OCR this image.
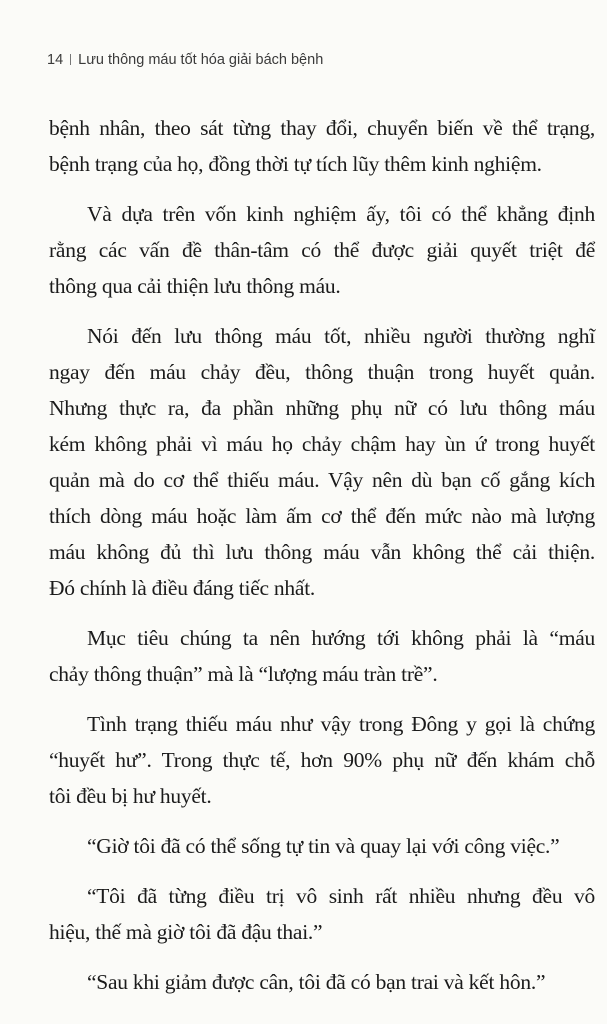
14 Lưu thông máu tốt hóa giải bách bệnh
bệnh nhân, theo sát từng thay đổi, chuyển biến về thể trạng,
bệnh trạng của họ, đồng thời tự tích lũy thêm kinh nghiệm.
Và dựa trên vốn kinh nghiệm ấy, tôi có thể khẳng định
rằng các vấn đề thân-tâm có thể được giải quyết triệt để
thông qua cải thiện lưu thông máu.
Nói đến lưu thông máu tốt, nhiều người thường nghĩ
ngay đến máu chảy đều, thông thuận trong huyết quản.
Nhưng thực ra, đa phần những phụ nữ có lưu thông máu
kém không phải vì máu họ chảy chậm hay ùn ứ trong huyết
quản mà do cơ thể thiếu máu. Vậy nên dù bạn cố gắng kích
thích dòng máu hoặc làm ấm cơ thể đến mức nào mà lượng
máu không đủ thì lưu thông máu vẫn không thể cải thiện.
Đó chính là điều đáng tiếc nhất.
Mục tiêu chúng ta nên hướng tới không phải là “máu
chảy thông thuận” mà là “lượng máu tràn trề”.
Tình trạng thiếu máu như vậy trong Đông y gọi là chứng
“huyết hư”. Trong thực tế, hơn 90% phụ nữ đến khám chỗ
tôi đều bị hư huyết.
“Giờ tôi đã có thể sống tự tin và quay lại với công việc.”
“Tôi đã từng điều trị vô sinh rất nhiều nhưng đều vô
hiệu, thế mà giờ tôi đã đậu thai.”
“Sau khi giảm được cân, tôi đã có bạn trai và kết hôn.”
